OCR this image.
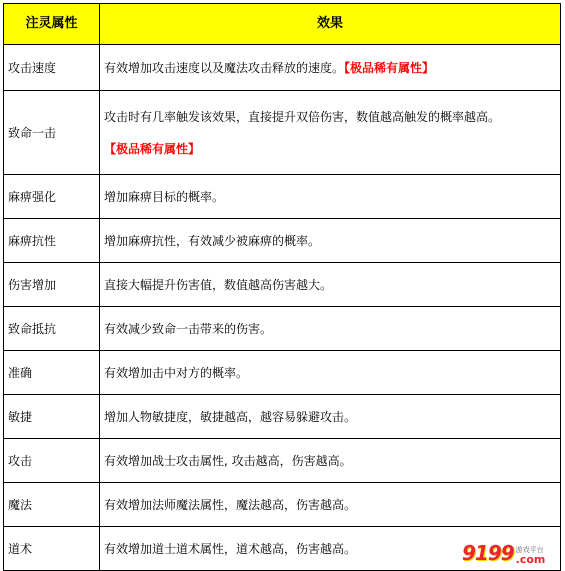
注灵属性	效果
攻击速度	有效增加攻击速度以及魔法攻击释放的速度。【极品稀有属性】
致命一击	攻击时有几率触发该效果，直接提升双倍伤害，数值越高触发的概率越高。
【极品稀有属性】

麻痹强化	增加麻痹目标的概率。
麻痹抗性	增加麻痹抗性，有效减少被麻痹的概率。
伤害增加	直接大幅提升伤害值，数值越高伤害越大。
致命抵抗	有效减少致命一击带来的伤害。
准确	有效增加击中对方的概率。
敏捷	增加人物敏捷度，敏捷越高，越容易躲避攻击。
攻击	有效增加战士攻击属性, 攻击越高，伤害越高。
魔法	有效增加法师魔法属性，魔法越高，伤害越高。
道术	有效增加道士道术属性，道术越高，伤害越高。	9199 游戏平台
.com
